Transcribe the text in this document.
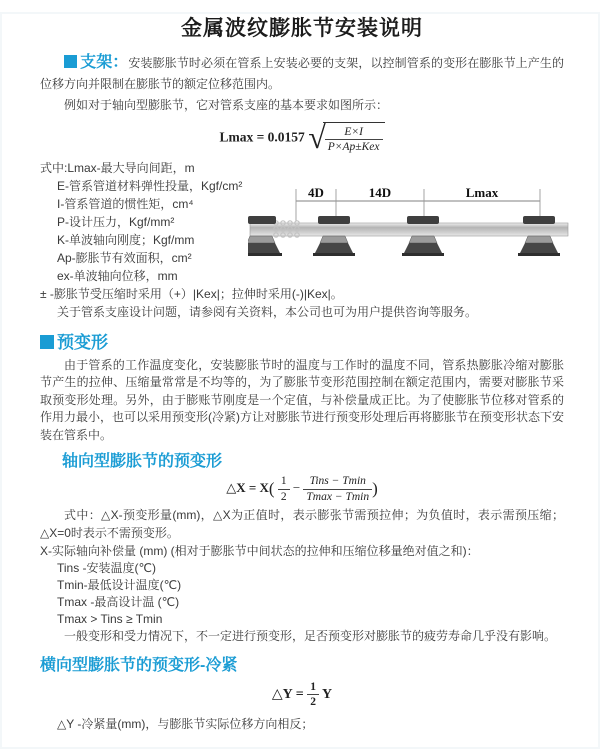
金属波纹膨胀节安装说明
支架：安装膨胀节时必须在管系上安装必要的支架，以控制管系的变形在膨胀节上产生的位移方向并限制在膨胀节的额定位移范围内。
例如对于轴向型膨胀节，它对管系支座的基本要求如图所示：
Lmax = 0.0157 √ $\frac{E\times I}{\text{P×Ap±Kex}}$
式中:Lmax-最大导向间距，m
E-管系管道材料弹性投量，Kgf/cm²
I-管系管道的惯性矩，cm⁴
P-设计压力，Kgf/mm²
K-单波轴向刚度；Kgf/mm
Ap-膨胀节有效面积，cm²
ex-单波轴向位移，mm
± -膨胀节受压缩时采用（+）|Kex|；拉伸时采用(-)|Kex|。
关于管系支座设计问题，请参阅有关资料，本公司也可为用户提供咨询等服务。
4D	14D	Lmax
预变形
由于管系的工作温度变化，安装膨胀节时的温度与工作时的温度不同，管系热膨胀冷缩对膨胀节产生的拉伸、压缩量常常是不均等的，为了膨胀节变形范围控制在额定范围内，需要对膨胀节采取预变形处理。另外，由于膨账节刚度是一个定值，与补偿量成正比。为了使膨胀节位移对管系的作用力最小，也可以采用预变形(冷紧)方让对膨胀节进行预变形处理后再将膨胀节在预变形状态下安装在管系中。
轴向型膨胀节的预变形
△X = $X( \frac{1}{2} - \frac{\text{Tins − Tmin}}{Tmax - Tmin}$ )
式中：△X-预变形量(mm)，△X为正值时，表示膨张节需预拉伸；为负值时，表示需预压缩；△X=0时表示不需预变形。
X-实际轴向补偿量 (mm) (相对于膨胀节中间状态的拉伸和压缩位移量绝对值之和)：
Tins -安装温度(℃)
Tmin-最低设计温度(℃)
Tmax -最高设计温 (℃)
Tmax > Tins ≥ Tmin
一般变形和受力情况下，不一定进行预变形，足否预变形对膨胀节的疲劳寿命几乎没有影响。
横向型膨胀节的预变形-冷紧
△Y = $\frac{1}{2}$ Y
△Y -冷紧量(mm)，与膨胀节实际位移方向相反；
